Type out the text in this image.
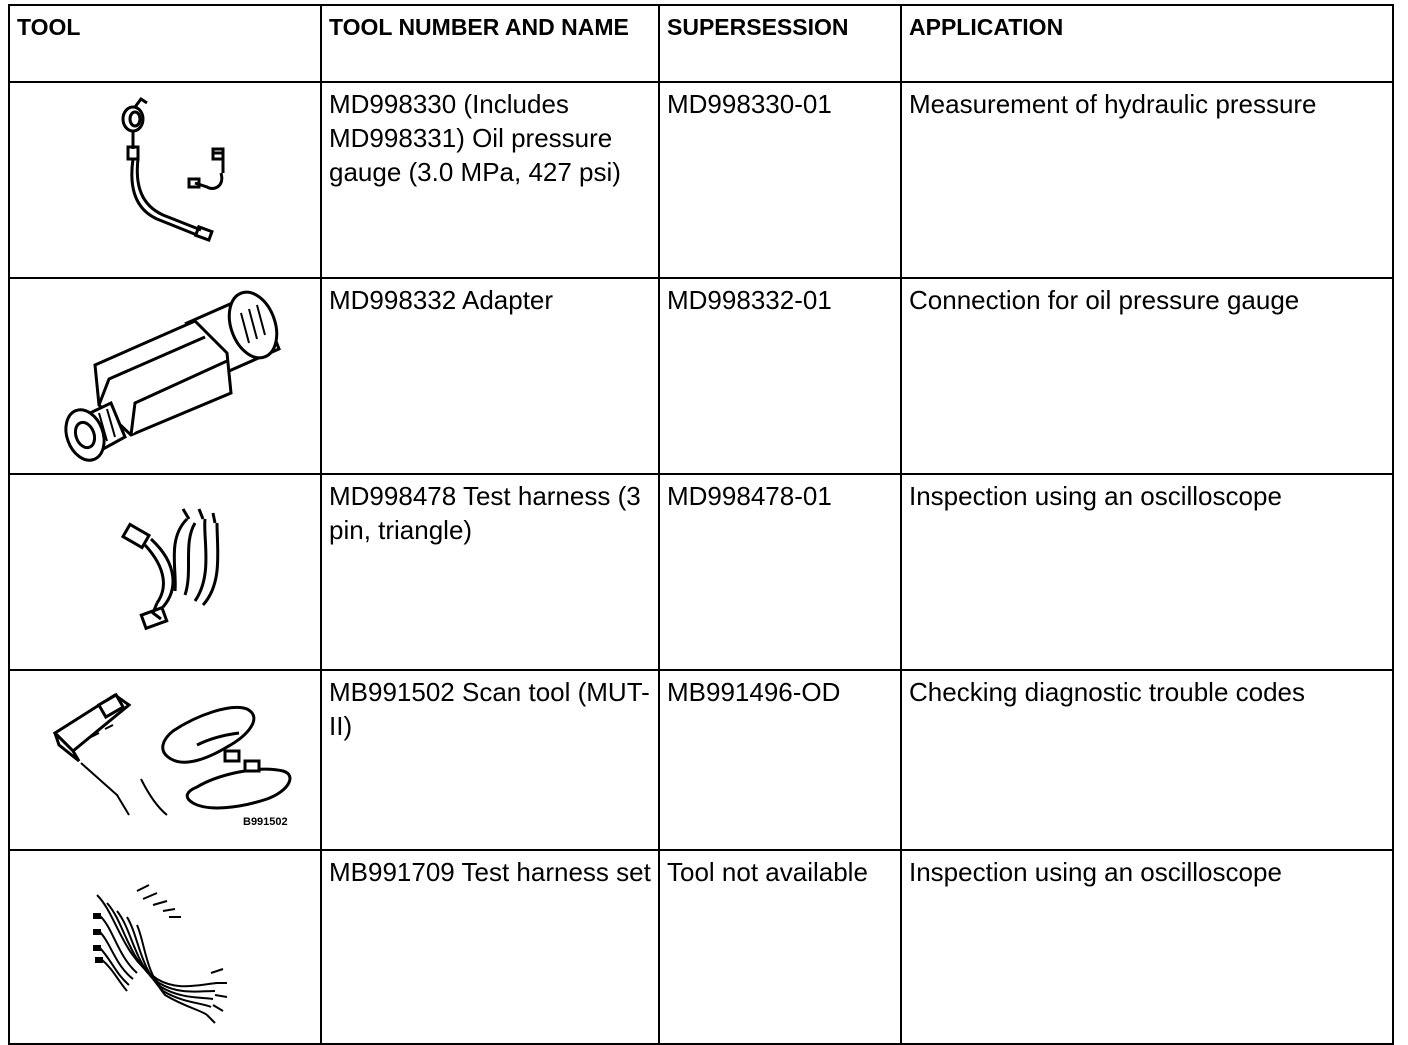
TOOL	TOOL NUMBER AND NAME	SUPERSESSION	APPLICATION

	MD998330 (Includes MD998331) Oil pressure gauge (3.0 MPa, 427 psi)	MD998330-01	Measurement of hydraulic pressure

	MD998332 Adapter	MD998332-01	Connection for oil pressure gauge

	MD998478 Test harness (3 pin, triangle)	MD998478-01	Inspection using an oscilloscope

B991502	MB991502 Scan tool (MUT-II)	MB991496-OD	Checking diagnostic trouble codes

	MB991709 Test harness set	Tool not available	Inspection using an oscilloscope
